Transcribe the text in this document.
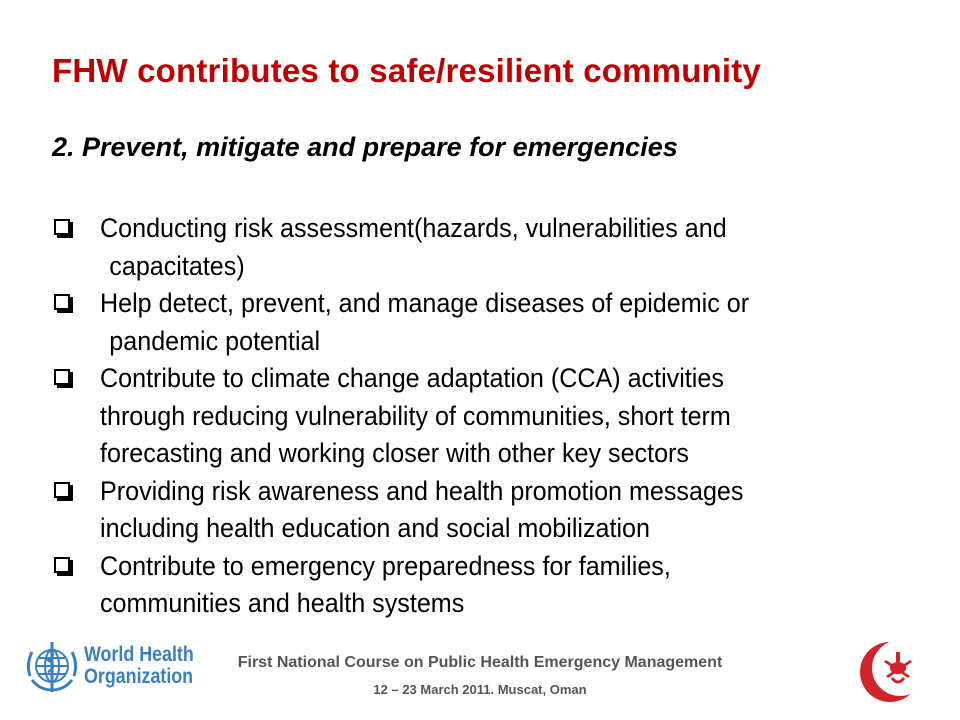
FHW contributes to safe/resilient community
2. Prevent, mitigate and prepare for emergencies
Conducting risk assessment(hazards, vulnerabilities and
capacitates)
Help detect, prevent, and manage diseases of epidemic or
pandemic potential
Contribute to climate change adaptation (CCA) activities
through reducing vulnerability of communities, short term
forecasting and working closer with other key sectors
Providing risk awareness and health promotion messages
including health education and social mobilization
Contribute to emergency preparedness for families,
communities and health systems
World Health
Organization
First National Course on Public Health Emergency Management
12 – 23 March 2011. Muscat, Oman
